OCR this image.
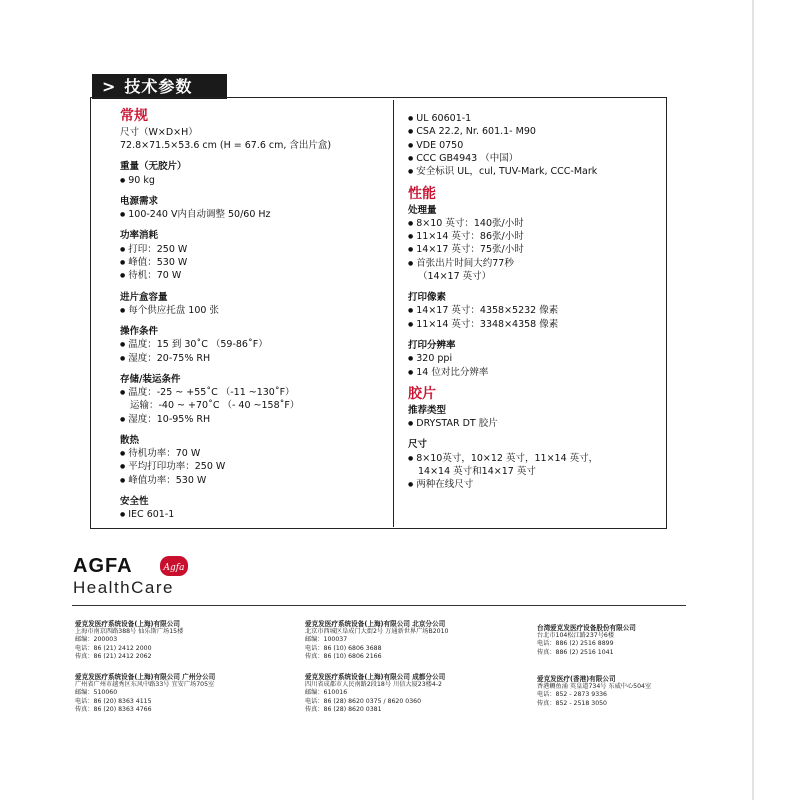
> 技术参数
常规
尺寸（W×D×H）
72.8×71.5×53.6 cm (H = 67.6 cm, 含出片盒)
重量（无胶片）
● 90 kg
电源需求
● 100-240 V内自动调整 50/60 Hz
功率消耗
● 打印：250 W
● 峰值：530 W
● 待机：70 W
进片盒容量
● 每个供应托盘 100 张
操作条件
● 温度：15 到 30˚C （59-86˚F）
● 湿度：20-75% RH
存储/装运条件
● 温度：-25 ~ +55˚C （-11 ~130˚F）
运输：-40 ~ +70˚C （- 40 ~158˚F）
● 湿度：10-95% RH
散热
● 待机功率：70 W
● 平均打印功率：250 W
● 峰值功率：530 W
安全性
● IEC 601-1
● UL 60601-1
● CSA 22.2, Nr. 601.1- M90
● VDE 0750
● CCC GB4943 （中国）
● 安全标识 UL，cul, TUV-Mark, CCC-Mark
性能
处理量
● 8×10 英寸：140张/小时
● 11×14 英寸：86张/小时
● 14×17 英寸：75张/小时
● 首张出片时间大约77秒
（14×17 英寸）
打印像素
● 14×17 英寸：4358×5232 像素
● 11×14 英寸：3348×4358 像素
打印分辨率
● 320 ppi
● 14 位对比分辨率
胶片
推荐类型
● DRYSTAR DT 胶片
尺寸
● 8×10英寸，10×12 英寸，11×14 英寸，
14×14 英寸和14×17 英寸
● 两种在线尺寸
AGFA	Agfa
HealthCare
爱克发医疗系统设备(上海)有限公司
上海市南京西路388号 仙乐斯广场15楼
邮编：200003
电话：86 (21) 2412 2000
传真：86 (21) 2412 2062
爱克发医疗系统设备(上海)有限公司 北京分公司
北京市西城区阜成门大街2号 万通新世界广场B2010
邮编：100037
电话：86 (10) 6806 3688
传真：86 (10) 6806 2166
台湾爱克发医疗设备股份有限公司
台北市104松江路237号6楼
电话：886 (2) 2516 8899
传真：886 (2) 2516 1041
爱克发医疗系统设备(上海)有限公司 广州分公司
广州省广州市越秀区东风中路33号 宜安广场705室
邮编：510060
电话：86 (20) 8363 4115
传真：86 (20) 8363 4766
爱克发医疗系统设备(上海)有限公司 成都分公司
四川省成都市人民南路2段18号 川信大厦23楼4-2
邮编：610016
电话：86 (28) 8620 0375 / 8620 0360
传真：86 (28) 8620 0381
爱克发医疗(香港)有限公司
香港鲗鱼涌 英皇道734号 东威中心504室
电话：852 - 2873 9336
传真：852 - 2518 3050
